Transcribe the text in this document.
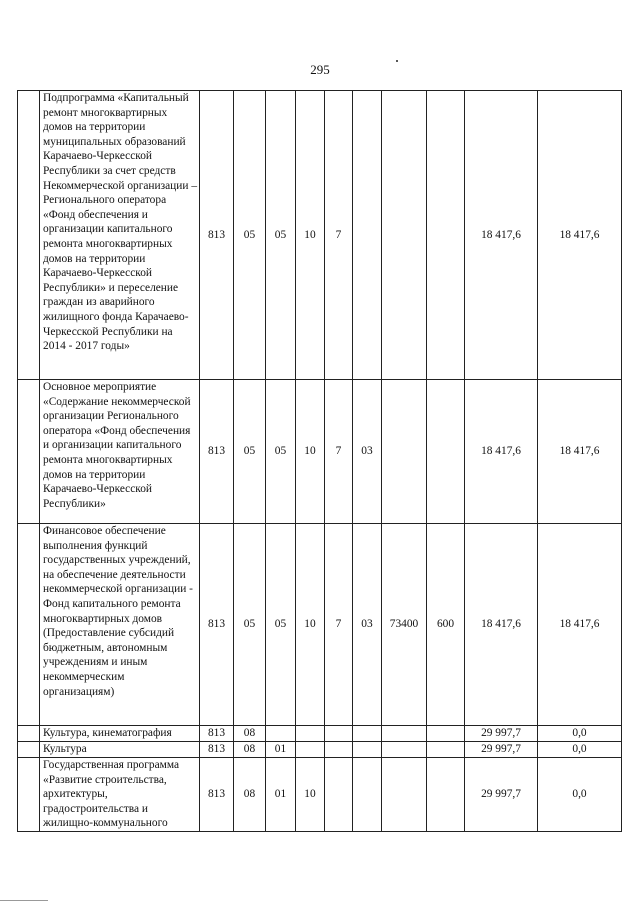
295
	Подпрограмма «Капитальный ремонт многоквартирных домов на территории муниципальных образований Карачаево-Черкесской Республики за счет средств Некоммерческой организации – Регионального оператора «Фонд обеспечения и организации капитального ремонта многоквартирных домов на территории Карачаево-Черкесской Республики» и переселение граждан из аварийного жилищного фонда Карачаево-Черкесской Республики на 2014 - 2017 годы»	813	05	05	10	7				18 417,6	18 417,6
	Основное мероприятие «Содержание некоммерческой организации Регионального оператора «Фонд обеспечения и организации капитального ремонта многоквартирных домов на территории Карачаево-Черкесской Республики»	813	05	05	10	7	03			18 417,6	18 417,6
	Финансовое обеспечение выполнения функций государственных учреждений, на обеспечение деятельности некоммерческой организации - Фонд капитального ремонта многоквартирных домов (Предоставление субсидий бюджетным, автономным учреждениям и иным некоммерческим организациям)	813	05	05	10	7	03	73400	600	18 417,6	18 417,6
	Культура, кинематография	813	08							29 997,7	0,0
	Культура	813	08	01						29 997,7	0,0
	Государственная программа «Развитие строительства, архитектуры, градостроительства и жилищно-коммунального	813	08	01	10					29 997,7	0,0
